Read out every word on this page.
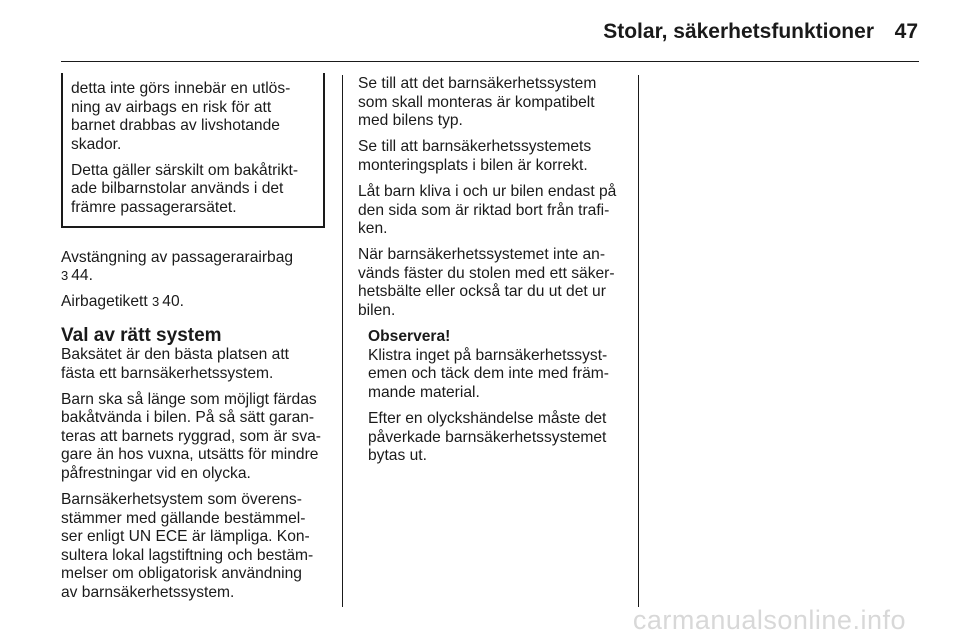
Stolar, säkerhetsfunktioner 47

detta inte görs innebär en utlös-
ning av airbags en risk för att
barnet drabbas av livshotande
skador.

Detta gäller särskilt om bakåtrikt-
ade bilbarnstolar används i det
främre passagerarsätet.

Avstängning av passagerarairbag
3 44.

Airbagetikett 3 40.

Val av rätt system

Baksätet är den bästa platsen att
fästa ett barnsäkerhetssystem.

Barn ska så länge som möjligt färdas
bakåtvända i bilen. På så sätt garan-
teras att barnets ryggrad, som är sva-
gare än hos vuxna, utsätts för mindre
påfrestningar vid en olycka.

Barnsäkerhetsystem som överens-
stämmer med gällande bestämmel-
ser enligt UN ECE är lämpliga. Kon-
sultera lokal lagstiftning och bestäm-
melser om obligatorisk användning
av barnsäkerhetssystem.

Se till att det barnsäkerhetssystem
som skall monteras är kompatibelt
med bilens typ.

Se till att barnsäkerhetssystemets
monteringsplats i bilen är korrekt.

Låt barn kliva i och ur bilen endast på
den sida som är riktad bort från trafi-
ken.

När barnsäkerhetssystemet inte an-
vänds fäster du stolen med ett säker-
hetsbälte eller också tar du ut det ur
bilen.

Observera!

Klistra inget på barnsäkerhetssyst-
emen och täck dem inte med främ-
mande material.

Efter en olyckshändelse måste det
påverkade barnsäkerhetssystemet
bytas ut.

carmanualsonline.info
